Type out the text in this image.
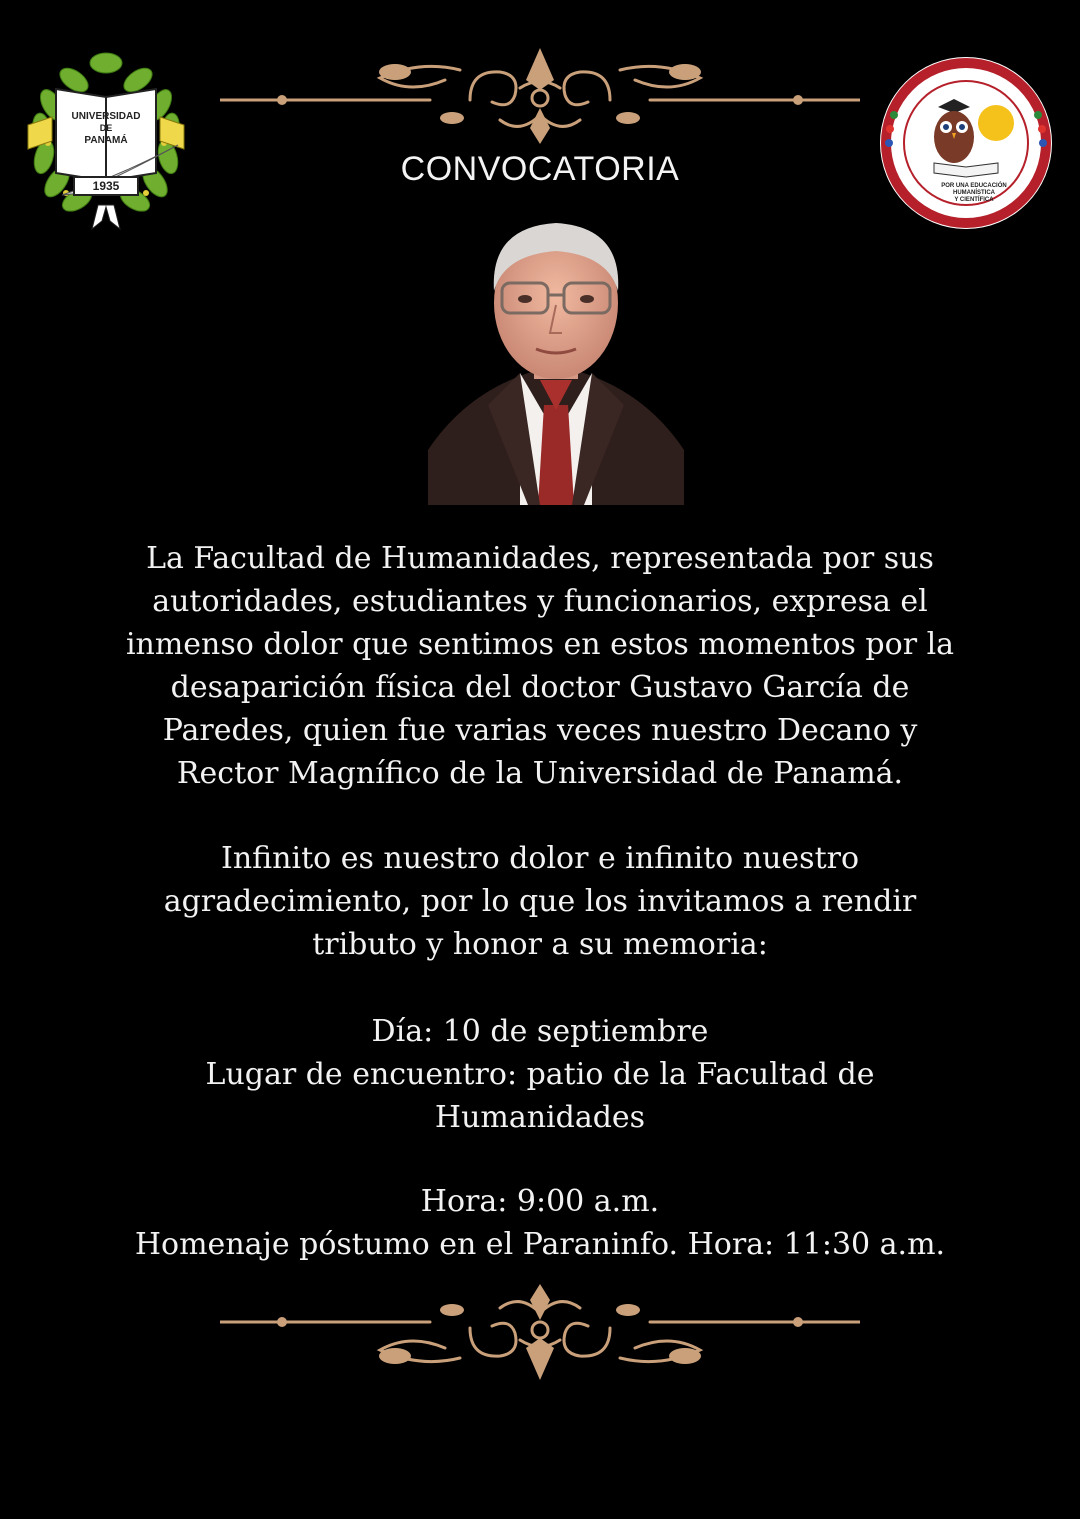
UNIVERSIDAD
DE
PANAMÁ
1935
UNIVERSIDAD DE PANAMÁ
FACULTAD DE HUMANIDADES
POR UNA EDUCACIÓN
HUMANÍSTICA
Y CIENTÍFICA
CONVOCATORIA

La Facultad de Humanidades, representada por sus
autoridades, estudiantes y funcionarios, expresa el
inmenso dolor que sentimos en estos momentos por la
desaparición física del doctor Gustavo García de
Paredes, quien fue varias veces nuestro Decano y
Rector Magnífico de la Universidad de Panamá.

Infinito es nuestro dolor e infinito nuestro
agradecimiento, por lo que los invitamos a rendir
tributo y honor a su memoria:

Día: 10 de septiembre
Lugar de encuentro: patio de la Facultad de
Humanidades

Hora: 9:00 a.m.
Homenaje póstumo en el Paraninfo. Hora: 11:30 a.m.
